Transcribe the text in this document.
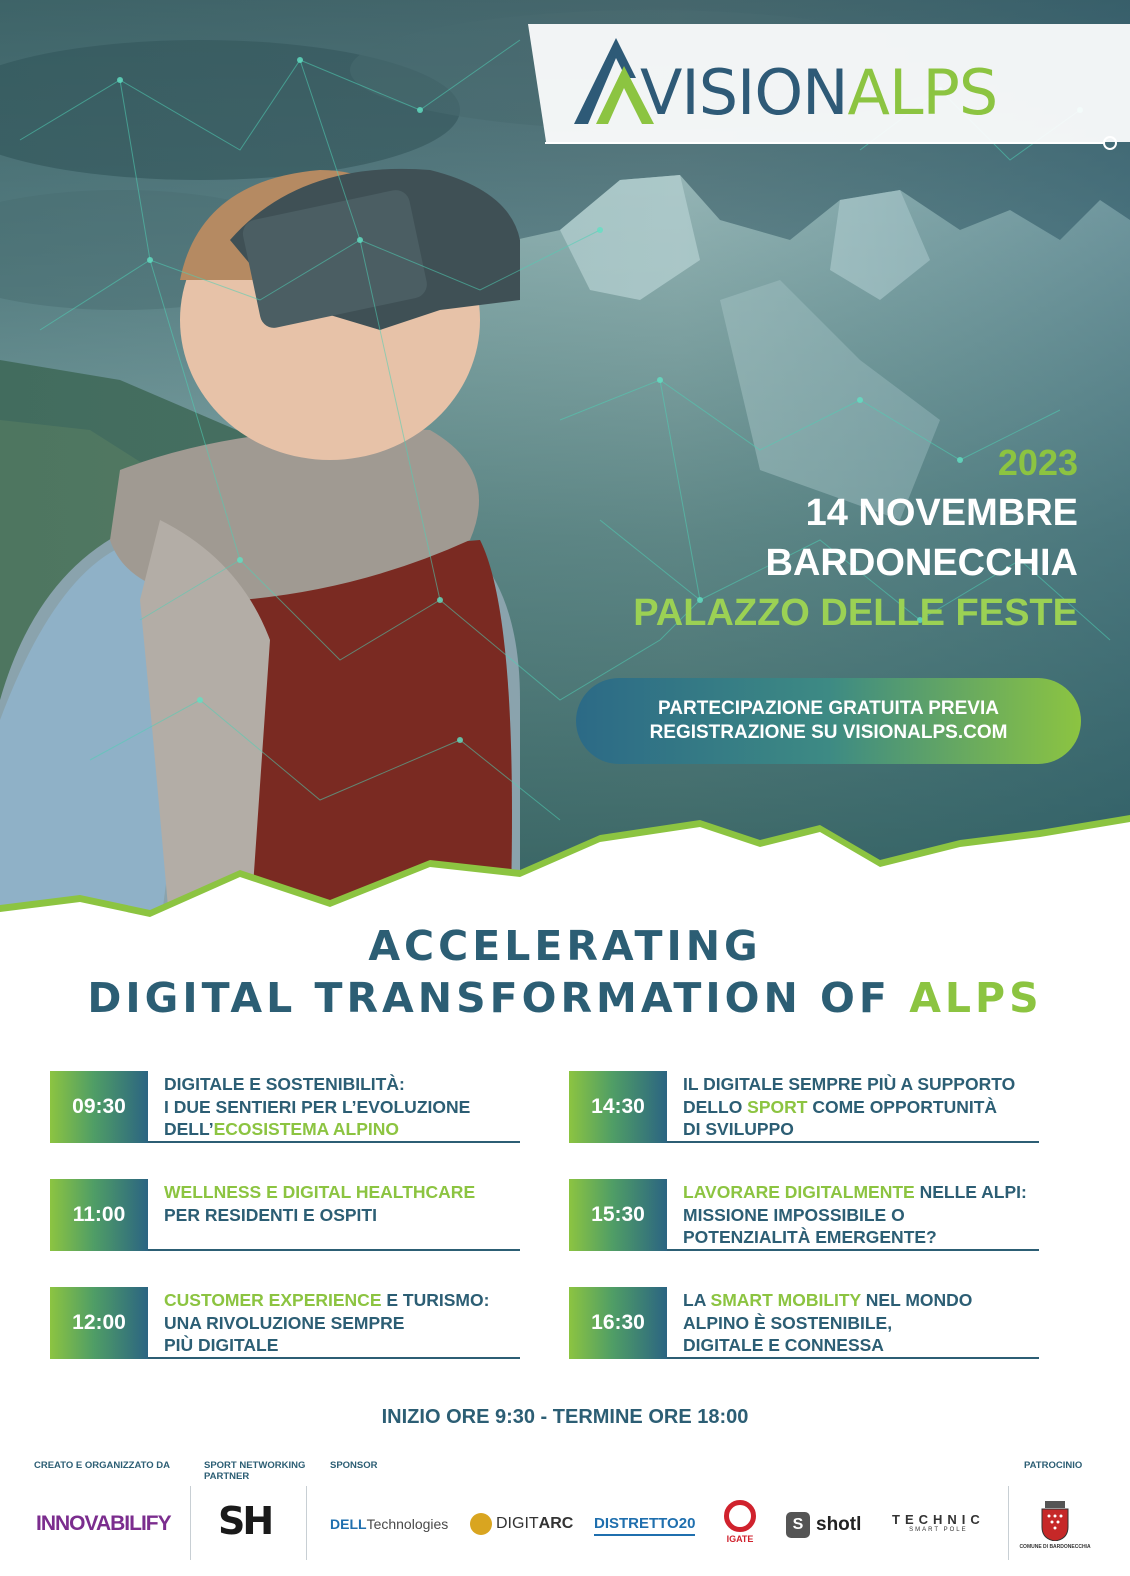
VISIONALPS
2023
14 NOVEMBRE
BARDONECCHIA
PALAZZO DELLE FESTE
PARTECIPAZIONE GRATUITA PREVIA
REGISTRAZIONE SU VISIONALPS.COM
ACCELERATING
DIGITAL TRANSFORMATION OF ALPS
09:30
DIGITALE E SOSTENIBILITÀ:
I DUE SENTIERI PER L’EVOLUZIONE
DELL’ECOSISTEMA ALPINO
11:00
WELLNESS E DIGITAL HEALTHCARE
PER RESIDENTI E OSPITI
12:00
CUSTOMER EXPERIENCE E TURISMO:
UNA RIVOLUZIONE SEMPRE
PIÙ DIGITALE
14:30
IL DIGITALE SEMPRE PIÙ A SUPPORTO
DELLO SPORT COME OPPORTUNITÀ
DI SVILUPPO
15:30
LAVORARE DIGITALMENTE NELLE ALPI:
MISSIONE IMPOSSIBILE O
POTENZIALITÀ EMERGENTE?
16:30
LA SMART MOBILITY NEL MONDO
ALPINO È SOSTENIBILE,
DIGITALE E CONNESSA
INIZIO ORE 9:30 - TERMINE ORE 18:00
CREATO E ORGANIZZATO DA	SPORT NETWORKING
PARTNER
SPONSOR	PATROCINIO
INNOVABILIFY SH	DELL Technologies	DIGIT ARC DISTRETTO20
IGATE
S shotl TECHNIC
SMART POLE
COMUNE DI BARDONECCHIA
